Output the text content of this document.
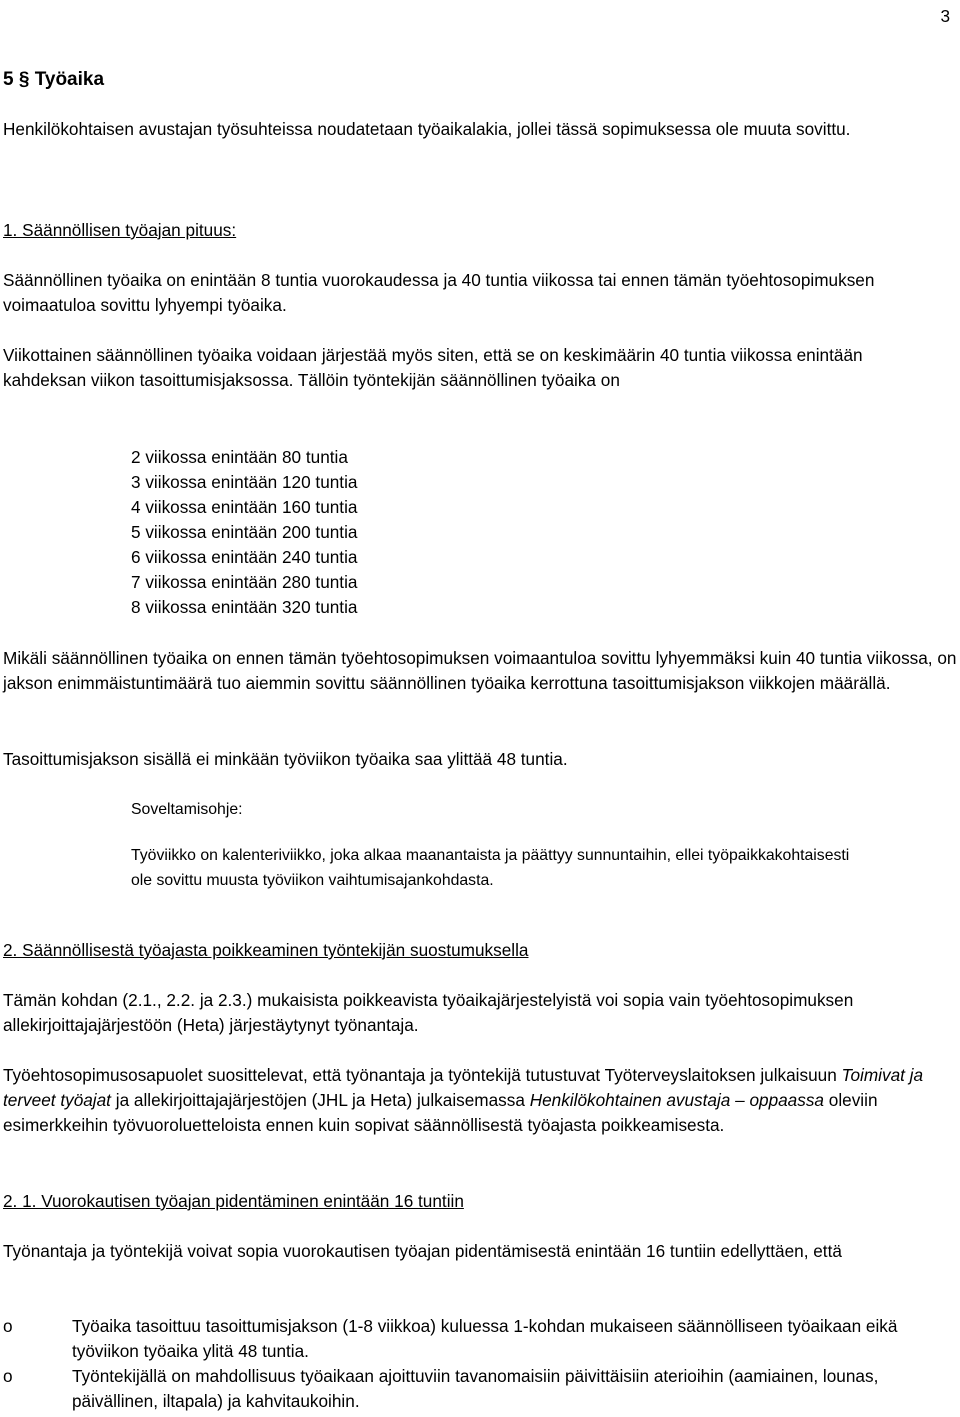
3
5 § Työaika

Henkilökohtaisen avustajan työsuhteissa noudatetaan työaikalakia, jollei tässä sopimuksessa ole muuta sovittu.

1. Säännöllisen työajan pituus:

Säännöllinen työaika on enintään 8 tuntia vuorokaudessa ja 40 tuntia viikossa tai ennen tämän työehtosopimuksen voimaatuloa sovittu lyhyempi työaika.

Viikottainen säännöllinen työaika voidaan järjestää myös siten, että se on keskimäärin 40 tuntia viikossa enintään kahdeksan viikon tasoittumisjaksossa. Tällöin työntekijän säännöllinen työaika on

2 viikossa enintään 80 tuntia
3 viikossa enintään 120 tuntia
4 viikossa enintään 160 tuntia
5 viikossa enintään 200 tuntia
6 viikossa enintään 240 tuntia
7 viikossa enintään 280 tuntia
8 viikossa enintään 320 tuntia

Mikäli säännöllinen työaika on ennen tämän työehtosopimuksen voimaantuloa sovittu lyhyemmäksi kuin 40 tuntia viikossa, on jakson enimmäistuntimäärä tuo aiemmin sovittu säännöllinen työaika kerrottuna tasoittumisjakson viikkojen määrällä.

Tasoittumisjakson sisällä ei minkään työviikon työaika saa ylittää 48 tuntia.

Soveltamisohje:

Työviikko on kalenteriviikko, joka alkaa maanantaista ja päättyy sunnuntaihin, ellei työpaikkakohtaisesti ole sovittu muusta työviikon vaihtumisajankohdasta.

2. Säännöllisestä työajasta poikkeaminen työntekijän suostumuksella

Tämän kohdan (2.1., 2.2. ja 2.3.) mukaisista poikkeavista työaikajärjestelyistä voi sopia vain työehtosopimuksen allekirjoittajajärjestöön (Heta) järjestäytynyt työnantaja.

Työehtosopimusosapuolet suosittelevat, että työnantaja ja työntekijä tutustuvat Työterveyslaitoksen julkaisuun Toimivat ja terveet työajat ja allekirjoittajajärjestöjen (JHL ja Heta) julkaisemassa Henkilökohtainen avustaja – oppaassa oleviin esimerkkeihin työvuoroluetteloista ennen kuin sopivat säännöllisestä työajasta poikkeamisesta.

2. 1. Vuorokautisen työajan pidentäminen enintään 16 tuntiin

Työnantaja ja työntekijä voivat sopia vuorokautisen työajan pidentämisestä enintään 16 tuntiin edellyttäen, että

o	Työaika tasoittuu tasoittumisjakson (1-8 viikkoa) kuluessa 1-kohdan mukaiseen säännölliseen työaikaan eikä työviikon työaika ylitä 48 tuntia.
o	Työntekijällä on mahdollisuus työaikaan ajoittuviin tavanomaisiin päivittäisiin aterioihin (aamiainen, lounas, päivällinen, iltapala) ja kahvitaukoihin.
